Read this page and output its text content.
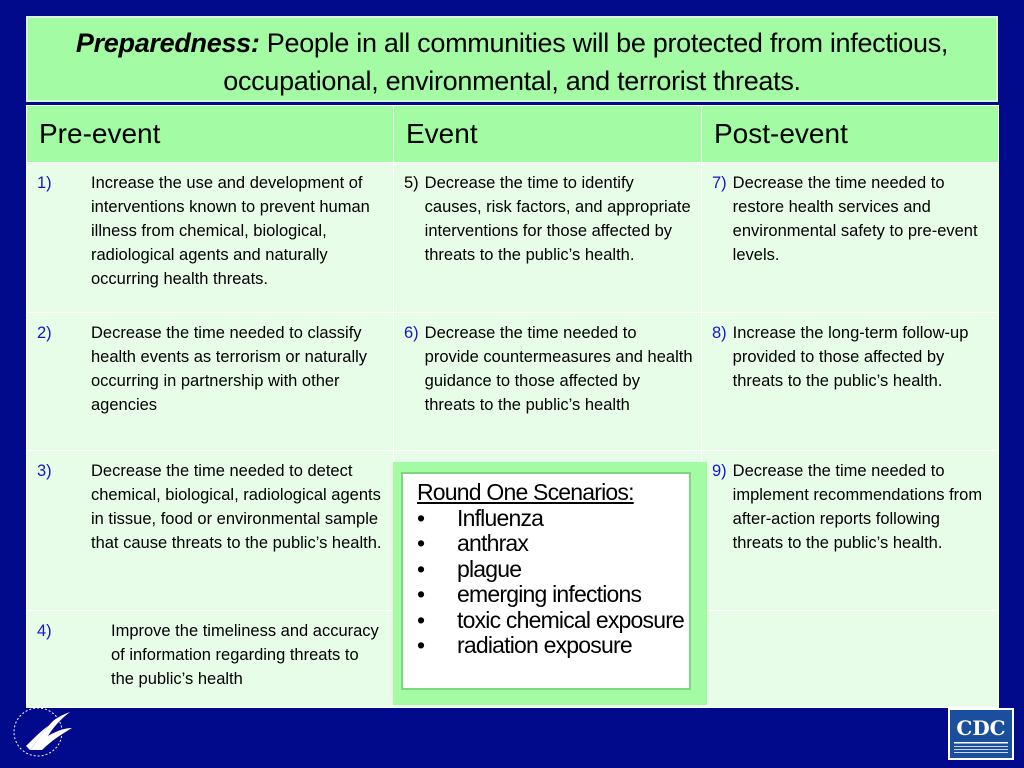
Preparedness: People in all communities will be protected from infectious, occupational, environmental, and terrorist threats.
Pre-event	Event	Post-event

1) Increase the use and development of interventions known to prevent human illness from chemical, biological, radiological agents and naturally occurring health threats.	5) Decrease the time to identify causes, risk factors, and appropriate interventions for those affected by threats to the public’s health.	7) Decrease the time needed to restore health services and environmental safety to pre-event levels.

2) Decrease the time needed to classify health events as terrorism or naturally occurring in partnership with other agencies	6) Decrease the time needed to provide countermeasures and health guidance to those affected by threats to the public’s health	8) Increase the long-term follow-up provided to those affected by threats to the public’s health.

3) Decrease the time needed to detect chemical, biological, radiological agents in tissue, food or environmental sample that cause threats to the public’s health.		9) Decrease the time needed to implement recommendations from after-action reports following threats to the public’s health.

4) Improve the timeliness and accuracy of information regarding threats to the public’s health		

Round One Scenarios:
•	Influenza
•	anthrax
•	plague
•	emerging infections
•	toxic chemical exposure
•	radiation exposure
CDC
